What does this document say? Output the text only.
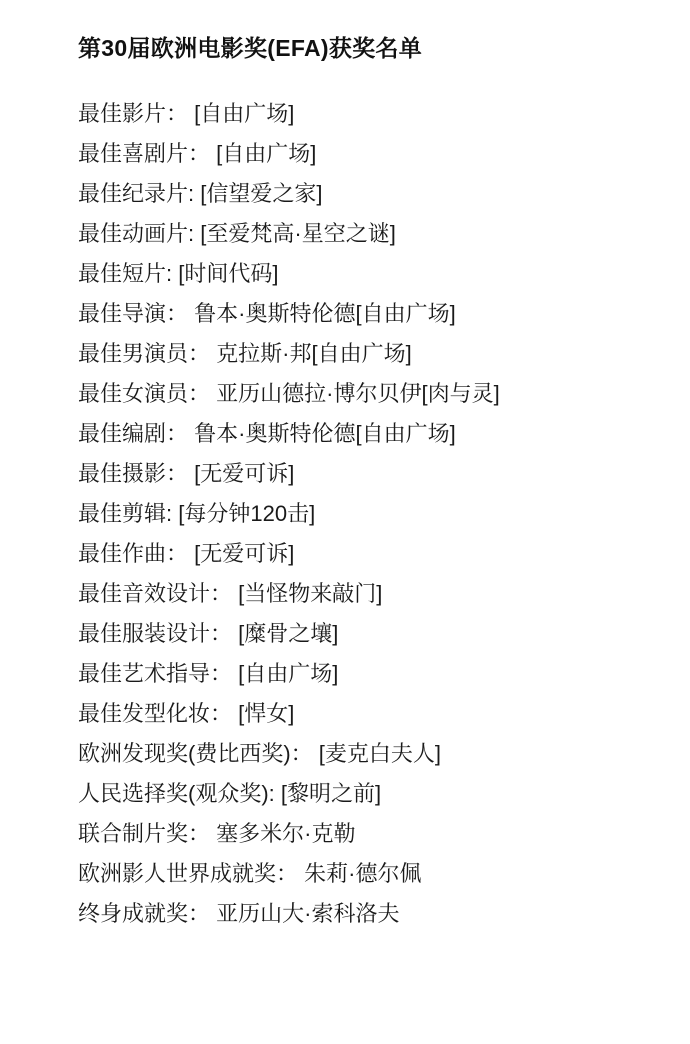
第30届欧洲电影奖(EFA)获奖名单
最佳影片： [自由广场]
最佳喜剧片： [自由广场]
最佳纪录片: [信望爱之家]
最佳动画片: [至爱梵高·星空之谜]
最佳短片: [时间代码]
最佳导演： 鲁本·奥斯特伦德[自由广场]
最佳男演员： 克拉斯·邦[自由广场]
最佳女演员： 亚历山德拉·博尔贝伊[肉与灵]
最佳编剧： 鲁本·奥斯特伦德[自由广场]
最佳摄影： [无爱可诉]
最佳剪辑: [每分钟120击]
最佳作曲： [无爱可诉]
最佳音效设计： [当怪物来敲门]
最佳服装设计： [糜骨之壤]
最佳艺术指导： [自由广场]
最佳发型化妆： [悍女]
欧洲发现奖(费比西奖)： [麦克白夫人]
人民选择奖(观众奖): [黎明之前]
联合制片奖： 塞多米尔·克勒
欧洲影人世界成就奖： 朱莉·德尔佩
终身成就奖： 亚历山大·索科洛夫
